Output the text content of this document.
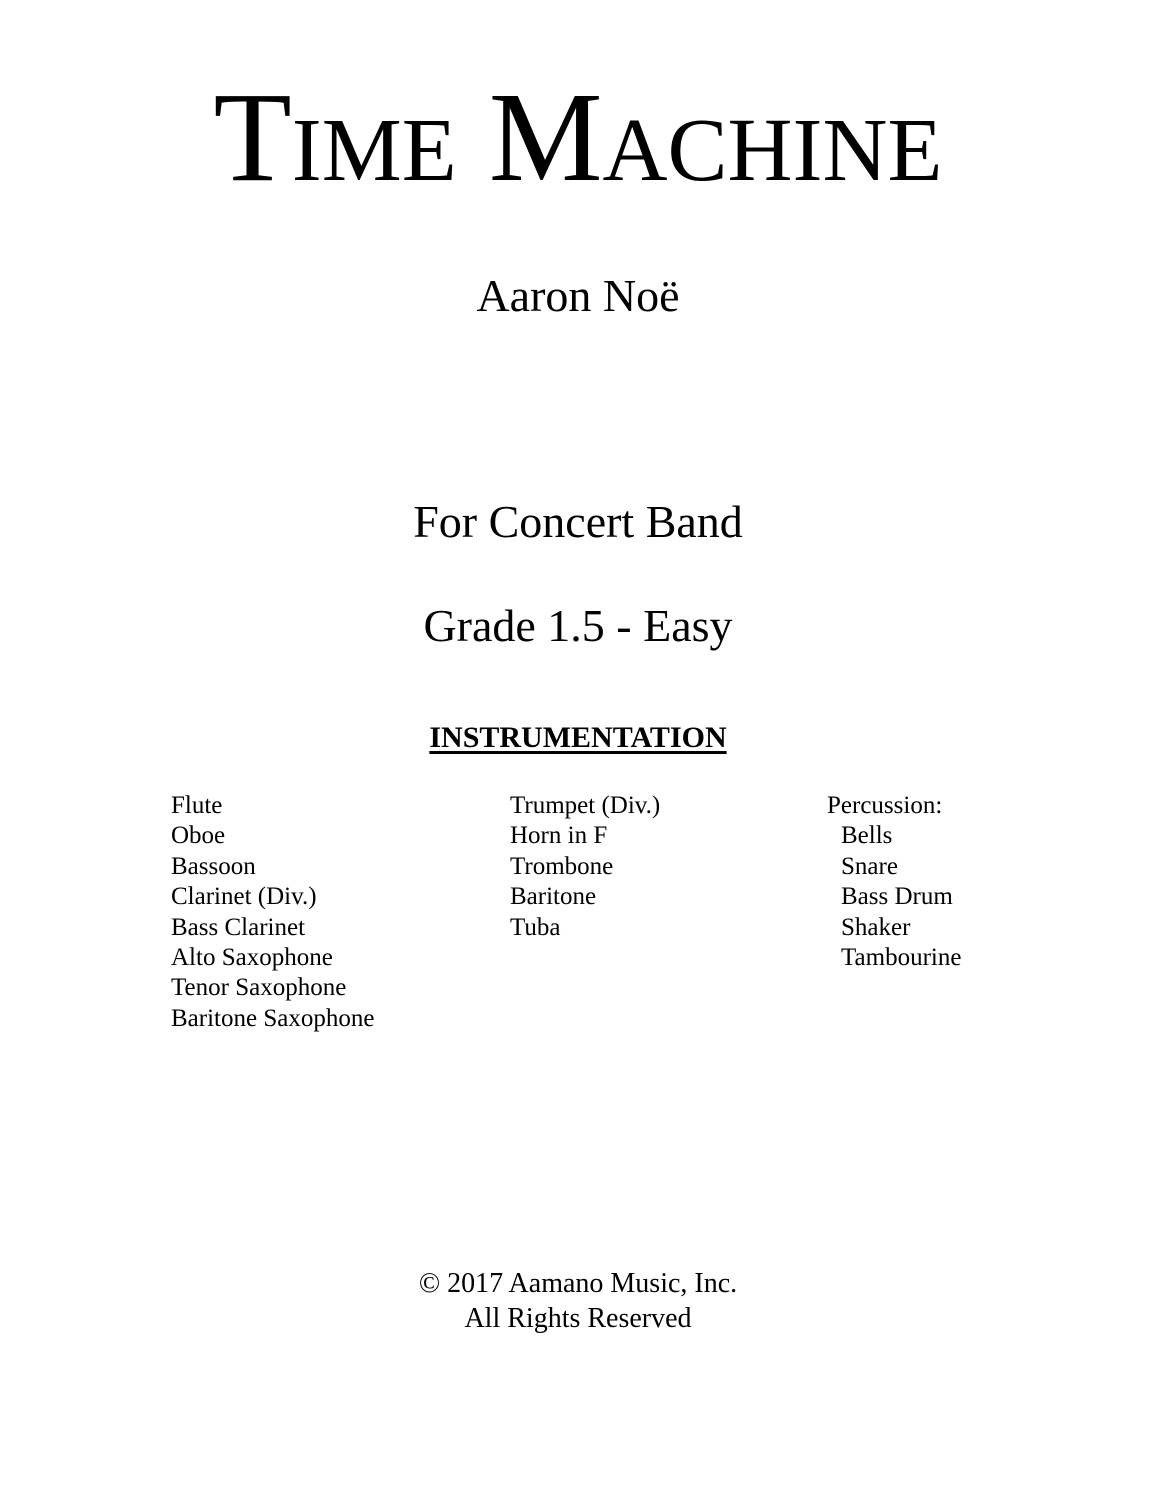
Time Machine
Aaron Noë
For Concert Band
Grade 1.5 - Easy
INSTRUMENTATION
Flute
Oboe
Bassoon
Clarinet (Div.)
Bass Clarinet
Alto Saxophone
Tenor Saxophone
Baritone Saxophone
Trumpet (Div.)
Horn in F
Trombone
Baritone
Tuba
Percussion:
Bells
Snare
Bass Drum
Shaker
Tambourine
© 2017 Aamano Music, Inc.
All Rights Reserved
